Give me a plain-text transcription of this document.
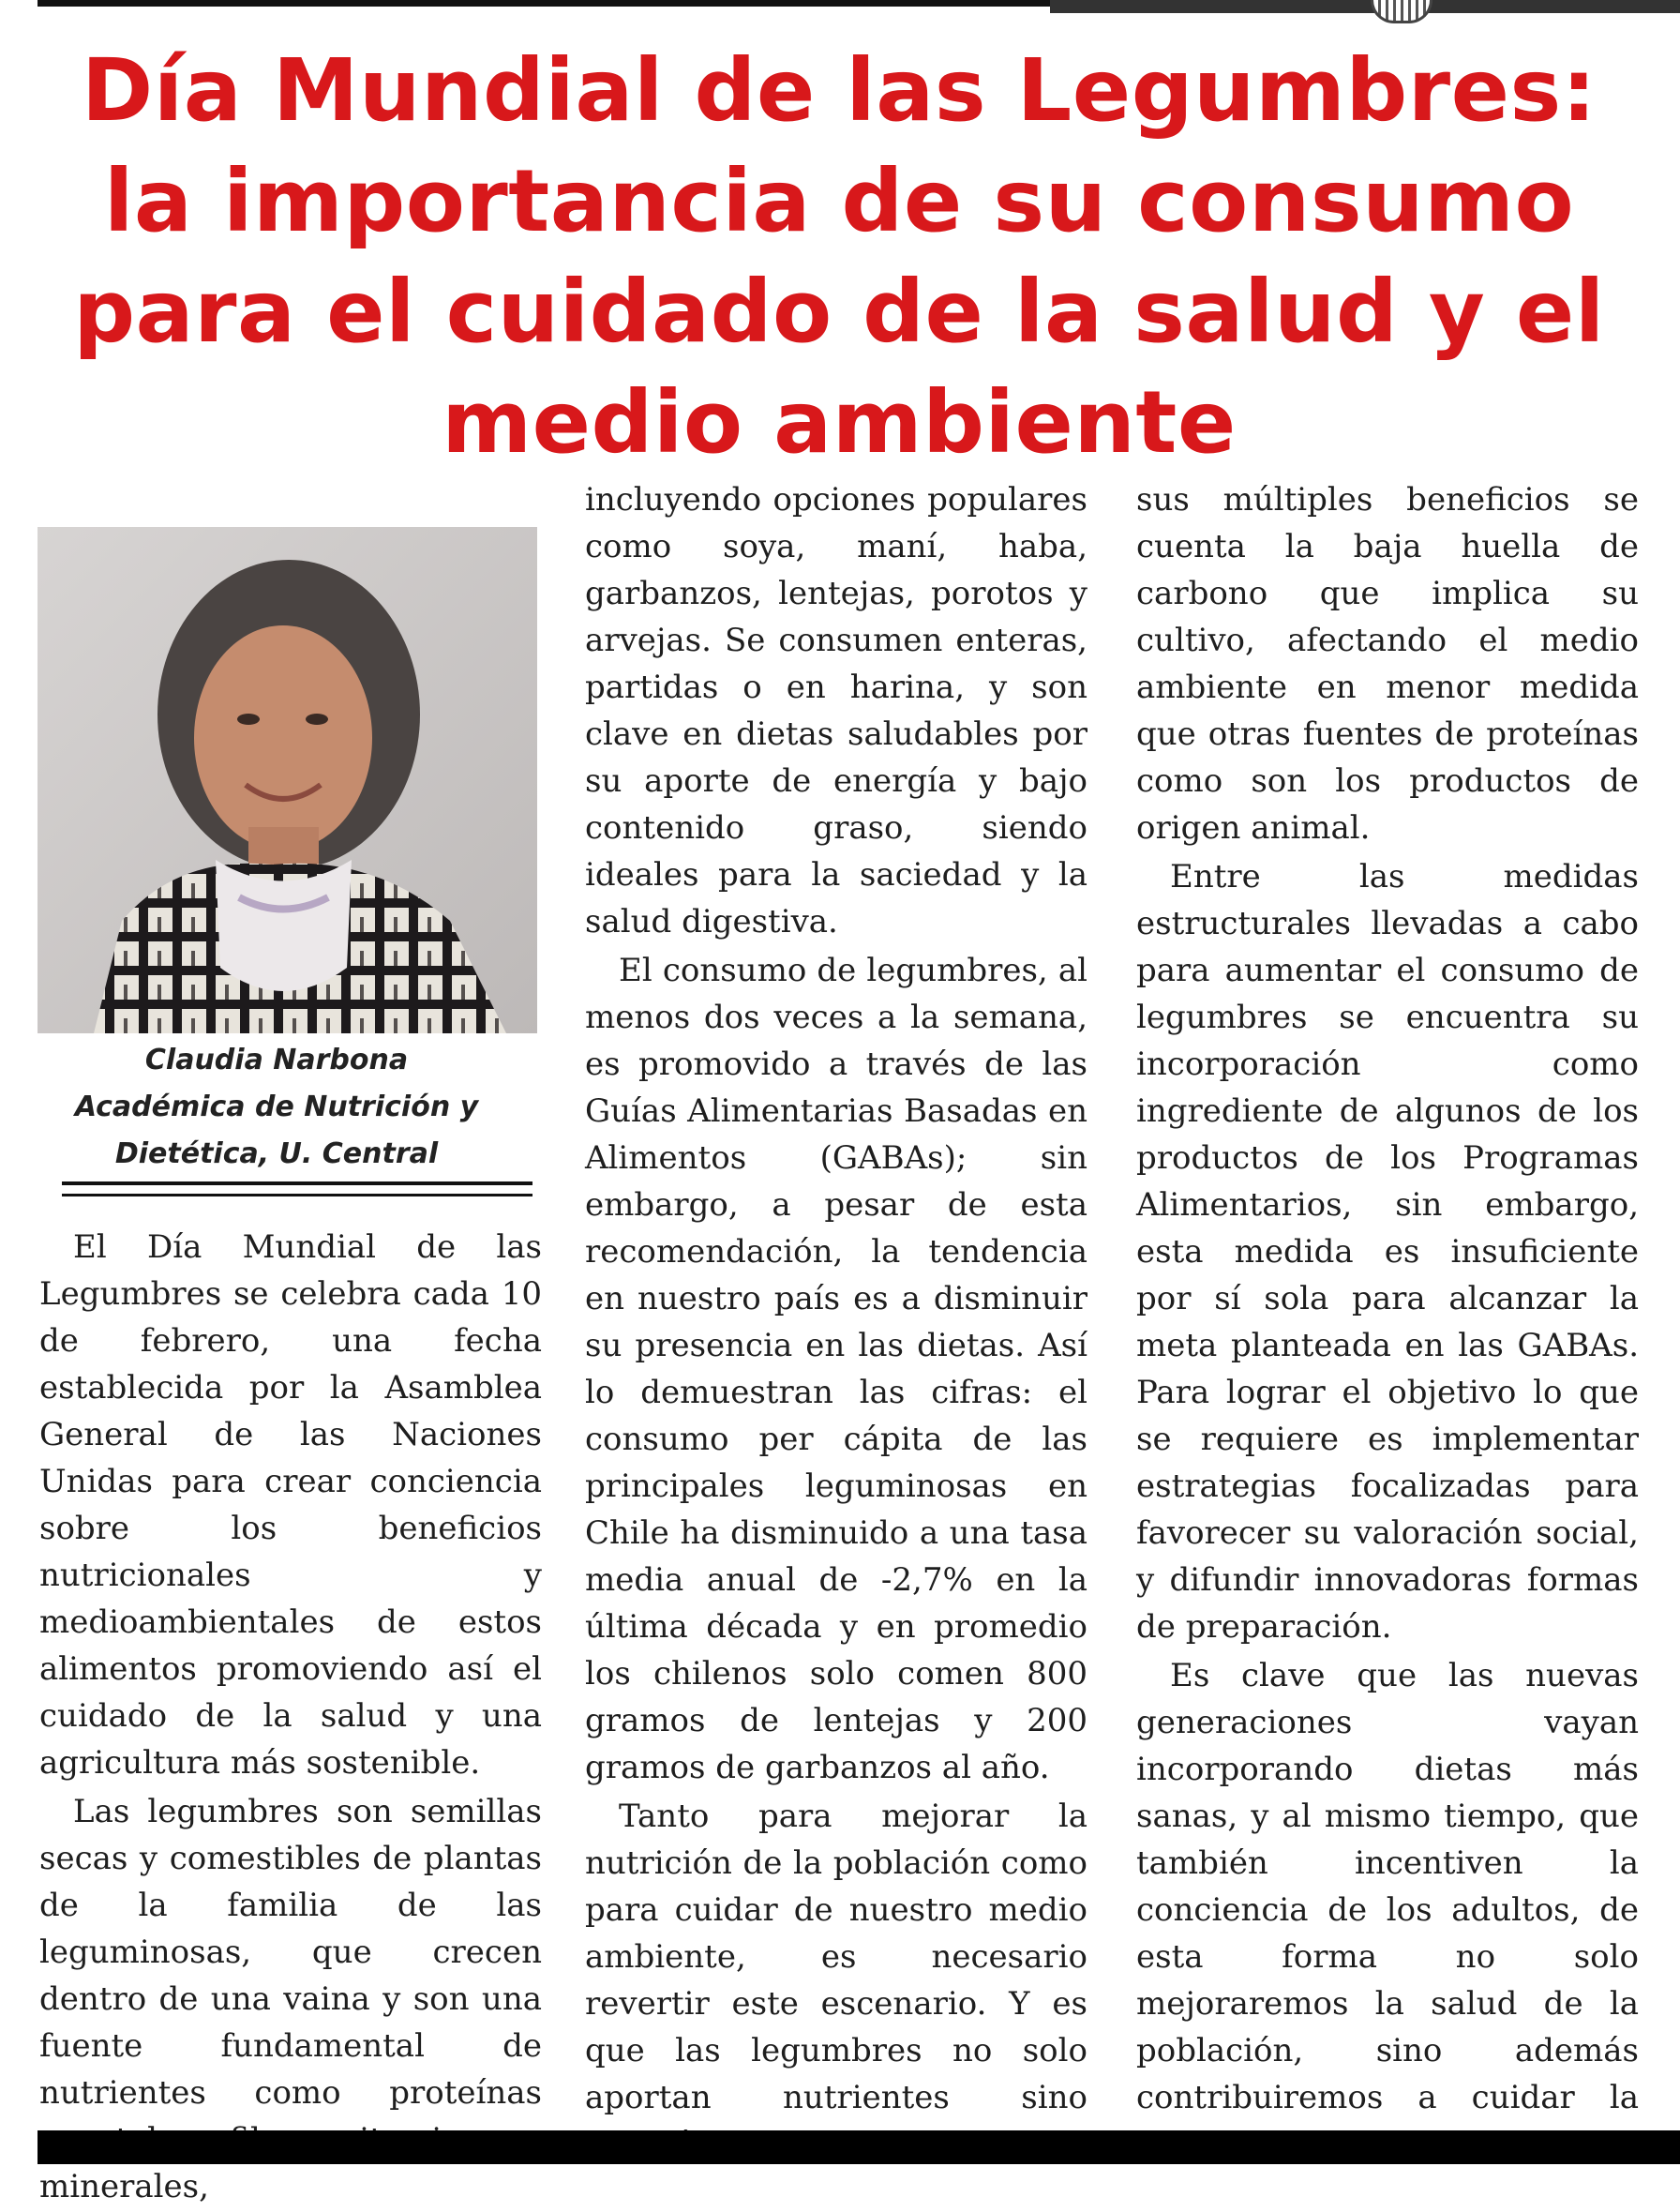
Día Mundial de las Legumbres: la importancia de su consumo para el cuidado de la salud y el medio ambiente
Claudia Narbona
Académica de Nutrición y
Dietética, U. Central

El Día Mundial de las Legumbres se celebra cada 10 de febrero, una fecha establecida por la Asamblea General de las Naciones Unidas para crear conciencia sobre los beneficios nutricionales y medioambientales de estos alimentos promoviendo así el cuidado de la salud y una agricultura más sostenible.

Las legumbres son semillas secas y comestibles de plantas de la familia de las leguminosas, que crecen dentro de una vaina y son una fuente fundamental de nutrientes como proteínas minerales,

incluyendo opciones populares como soya, maní, haba, garbanzos, lentejas, porotos y arvejas. Se consumen enteras, partidas o en harina, y son clave en dietas saludables por su aporte de energía y bajo contenido graso, siendo ideales para la saciedad y la salud digestiva.

El consumo de legumbres, al menos dos veces a la semana, es promovido a través de las Guías Alimentarias Basadas en Alimentos (GABAs); sin embargo, a pesar de esta recomendación, la tendencia en nuestro país es a disminuir su presencia en las dietas. Así lo demuestran las cifras: el consumo per cápita de las principales leguminosas en Chile ha disminuido a una tasa media anual de -2,7% en la última década y en promedio los chilenos solo comen 800 gramos de lentejas y 200 gramos de garbanzos al año.

Tanto para mejorar la nutrición de la población como para cuidar de nuestro medio ambiente, es necesario revertir este escenario. Y es que las legumbres no solo aportan nutrientes sino

sus múltiples beneficios se cuenta la baja huella de carbono que implica su cultivo, afectando el medio ambiente en menor medida que otras fuentes de proteínas como son los productos de origen animal.

Entre las medidas estructurales llevadas a cabo para aumentar el consumo de legumbres se encuentra su incorporación como ingrediente de algunos de los productos de los Programas Alimentarios, sin embargo, esta medida es insuficiente por sí sola para alcanzar la meta planteada en las GABAs. Para lograr el objetivo lo que se requiere es implementar estrategias focalizadas para favorecer su valoración social, y difundir innovadoras formas de preparación.

Es clave que las nuevas generaciones vayan incorporando dietas más sanas, y al mismo tiempo, que también incentiven la conciencia de los adultos, de esta forma no solo mejoraremos la salud de la población, sino además contribuiremos a cuidar la
